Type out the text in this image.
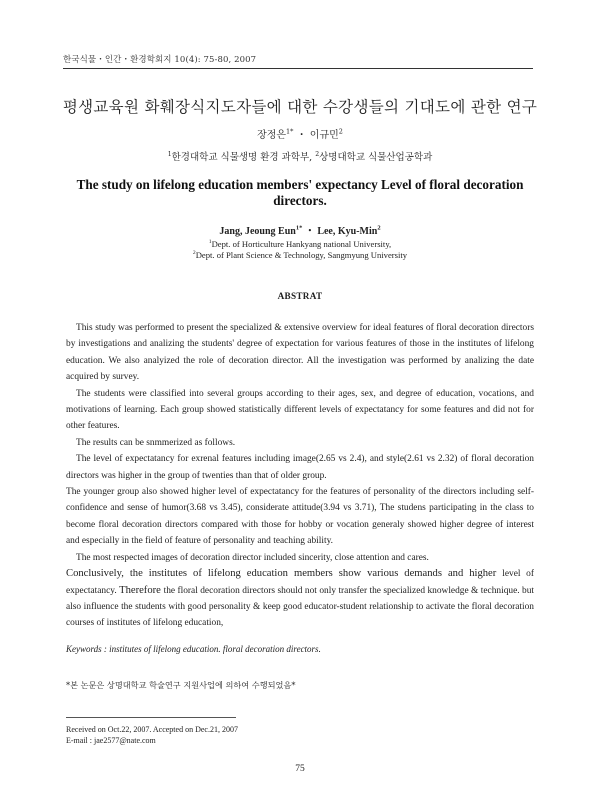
한국식물・인간・환경학회지 10(4): 75-80, 2007
평생교육원 화훼장식지도자들에 대한 수강생들의 기대도에 관한 연구
장정은$^{1*}$ ・ 이규민$^2$
$^1$한경대학교 식물생명 환경 과학부, $^2$상명대학교 식물산업공학과
The study on lifelong education members' expectancy Level of floral decoration directors.
Jang, Jeoung Eun$^{1*}$ ・ Lee, Kyu-Min$^2$
$^1$Dept. of Horticulture Hankyang national University,
$^2$Dept. of Plant Science & Technology, Sangmyung University
ABSTRAT

This study was performed to present the specialized & extensive overview for ideal features of floral decoration directors by investigations and analizing the students' degree of expectation for various features of those in the institutes of lifelong education. We also analyized the role of decoration director. All the investigation was performed by analizing the date acquired by survey.

The students were classified into several groups according to their ages, sex, and degree of education, vocations, and motivations of learning. Each group showed statistically different levels of expectatancy for some features and did not for other features.

The results can be snmmerized as follows.

The level of expectatancy for exrenal features including image(2.65 vs 2.4), and style(2.61 vs 2.32) of floral decoration directors was higher in the group of twenties than that of older group.

The younger group also showed higher level of expectatancy for the features of personality of the directors including self-confidence and sense of humor(3.68 vs 3.45), considerate attitude(3.94 vs 3.71), The studens participating in the class to become floral decoration directors compared with those for hobby or vocation generaly showed higher degree of interest and especially in the field of feature of personality and teaching ability.

The most respected images of decoration director included sincerity, close attention and cares.

Conclusively, the institutes of lifelong education members show various demands and higher level of expectatancy. Therefore the floral decoration directors should not only transfer the specialized knowledge & technique. but also influence the students with good personality & keep good educator-student relationship to activate the floral decoration courses of institutes of lifelong education,

Keywords : institutes of lifelong education. floral decoration directors.
*본 논문은 상명대학교 학술연구 지원사업에 의하여 수행되었음*
Received on Oct.22, 2007. Accepted on Dec.21, 2007
E-mail : jae2577@nate.com
75
